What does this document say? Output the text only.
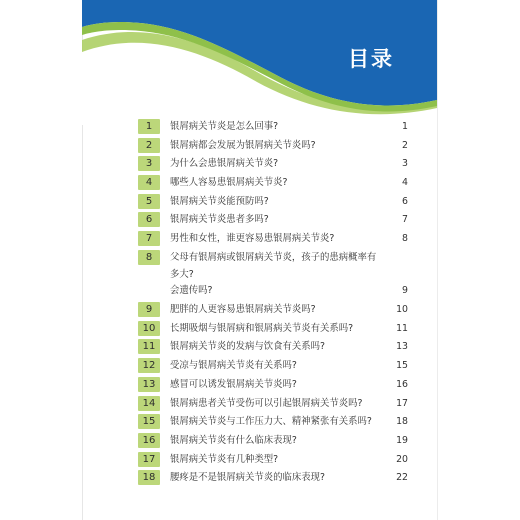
目录
1	银屑病关节炎是怎么回事?	1
2	银屑病都会发展为银屑病关节炎吗?	2
3	为什么会患银屑病关节炎?	3
4	哪些人容易患银屑病关节炎?	4
5	银屑病关节炎能预防吗?	6
6	银屑病关节炎患者多吗?	7
7	男性和女性，谁更容易患银屑病关节炎?	8
8	父母有银屑病或银屑病关节炎，孩子的患病概率有多大?
会遗传吗?	9
9	肥胖的人更容易患银屑病关节炎吗?	10
10	长期吸烟与银屑病和银屑病关节炎有关系吗?	11
11	银屑病关节炎的发病与饮食有关系吗?	13
12	受凉与银屑病关节炎有关系吗?	15
13	感冒可以诱发银屑病关节炎吗?	16
14	银屑病患者关节受伤可以引起银屑病关节炎吗?	17
15	银屑病关节炎与工作压力大、精神紧张有关系吗?	18
16	银屑病关节炎有什么临床表现?	19
17	银屑病关节炎有几种类型?	20
18	腰疼是不是银屑病关节炎的临床表现?	22
